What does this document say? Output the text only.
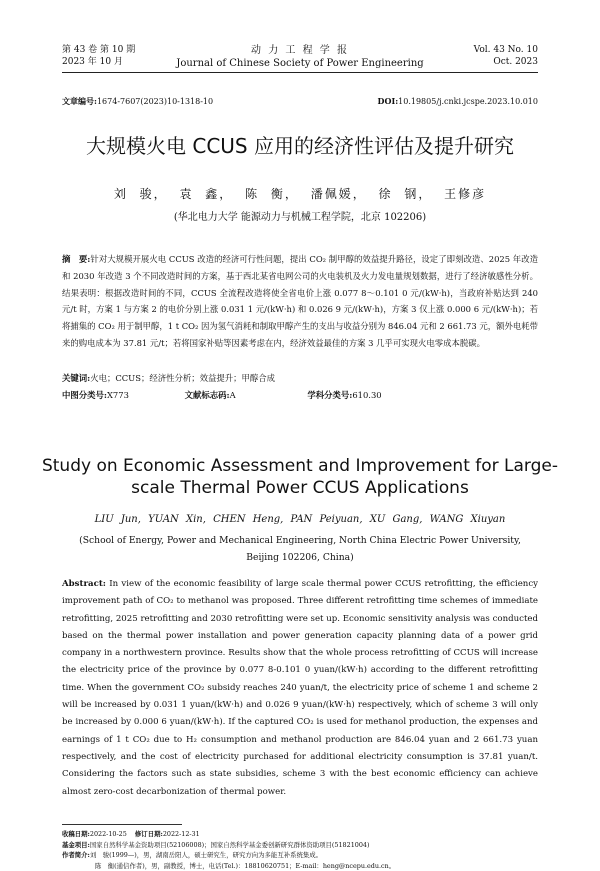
第 43 卷 第 10 期
2023 年 10 月
动 力 工 程 学 报
Journal of Chinese Society of Power Engineering
Vol. 43 No. 10
Oct. 2023
文章编号:1674-7607(2023)10-1318-10	DOI:10.19805/j.cnki.jcspe.2023.10.010
大规模火电 CCUS 应用的经济性评估及提升研究
刘 骏， 袁 鑫， 陈 衡， 潘佩媛， 徐 钢， 王修彦
(华北电力大学 能源动力与机械工程学院，北京 102206)
摘　要:针对大规模开展火电 CCUS 改造的经济可行性问题，提出 CO₂ 制甲醇的效益提升路径，设定了即刻改造、2025 年改造和 2030 年改造 3 个不同改造时间的方案，基于西北某省电网公司的火电装机及火力发电量规划数据，进行了经济敏感性分析。结果表明：根据改造时间的不同，CCUS 全流程改造将使全省电价上涨 0.077 8～0.101 0 元/(kW·h)，当政府补贴达到 240 元/t 时，方案 1 与方案 2 的电价分别上涨 0.031 1 元/(kW·h) 和 0.026 9 元/(kW·h)，方案 3 仅上涨 0.000 6 元/(kW·h)；若将捕集的 CO₂ 用于制甲醇，1 t CO₂ 因为氢气消耗和制取甲醇产生的支出与收益分别为 846.04 元和 2 661.73 元，额外电耗带来的购电成本为 37.81 元/t；若将国家补贴等因素考虑在内，经济效益最佳的方案 3 几乎可实现火电零成本脱碳。
关键词:火电；CCUS；经济性分析；效益提升；甲醇合成
中图分类号:X773	文献标志码:A	学科分类号:610.30
Study on Economic Assessment and Improvement for Large-scale Thermal Power CCUS Applications
LIU Jun, YUAN Xin, CHEN Heng, PAN Peiyuan, XU Gang, WANG Xiuyan
(School of Energy, Power and Mechanical Engineering, North China Electric Power University, Beijing 102206, China)
Abstract: In view of the economic feasibility of large scale thermal power CCUS retrofitting, the efficiency improvement path of CO₂ to methanol was proposed. Three different retrofitting time schemes of immediate retrofitting, 2025 retrofitting and 2030 retrofitting were set up. Economic sensitivity analysis was conducted based on the thermal power installation and power generation capacity planning data of a power grid company in a northwestern province. Results show that the whole process retrofitting of CCUS will increase the electricity price of the province by 0.077 8-0.101 0 yuan/(kW·h) according to the different retrofitting time. When the government CO₂ subsidy reaches 240 yuan/t, the electricity price of scheme 1 and scheme 2 will be increased by 0.031 1 yuan/(kW·h) and 0.026 9 yuan/(kW·h) respectively, which of scheme 3 will only be increased by 0.000 6 yuan/(kW·h). If the captured CO₂ is used for methanol production, the expenses and earnings of 1 t CO₂ due to H₂ consumption and methanol production are 846.04 yuan and 2 661.73 yuan respectively, and the cost of electricity purchased for additional electricity consumption is 37.81 yuan/t. Considering the factors such as state subsidies, scheme 3 with the best economic efficiency can achieve almost zero-cost decarbonization of thermal power.
收稿日期:2022-10-25 修订日期:2022-12-31
基金项目:国家自然科学基金资助项目(52106008)；国家自然科学基金委创新研究群体资助项目(51821004)
作者简介:刘　骏(1999—)，男，湖南岳阳人，硕士研究生，研究方向为多能互补系统集成。
陈　衡(通信作者)，男，副教授，博士，电话(Tel.)：18810620751；E-mail：heng@ncepu.edu.cn。
